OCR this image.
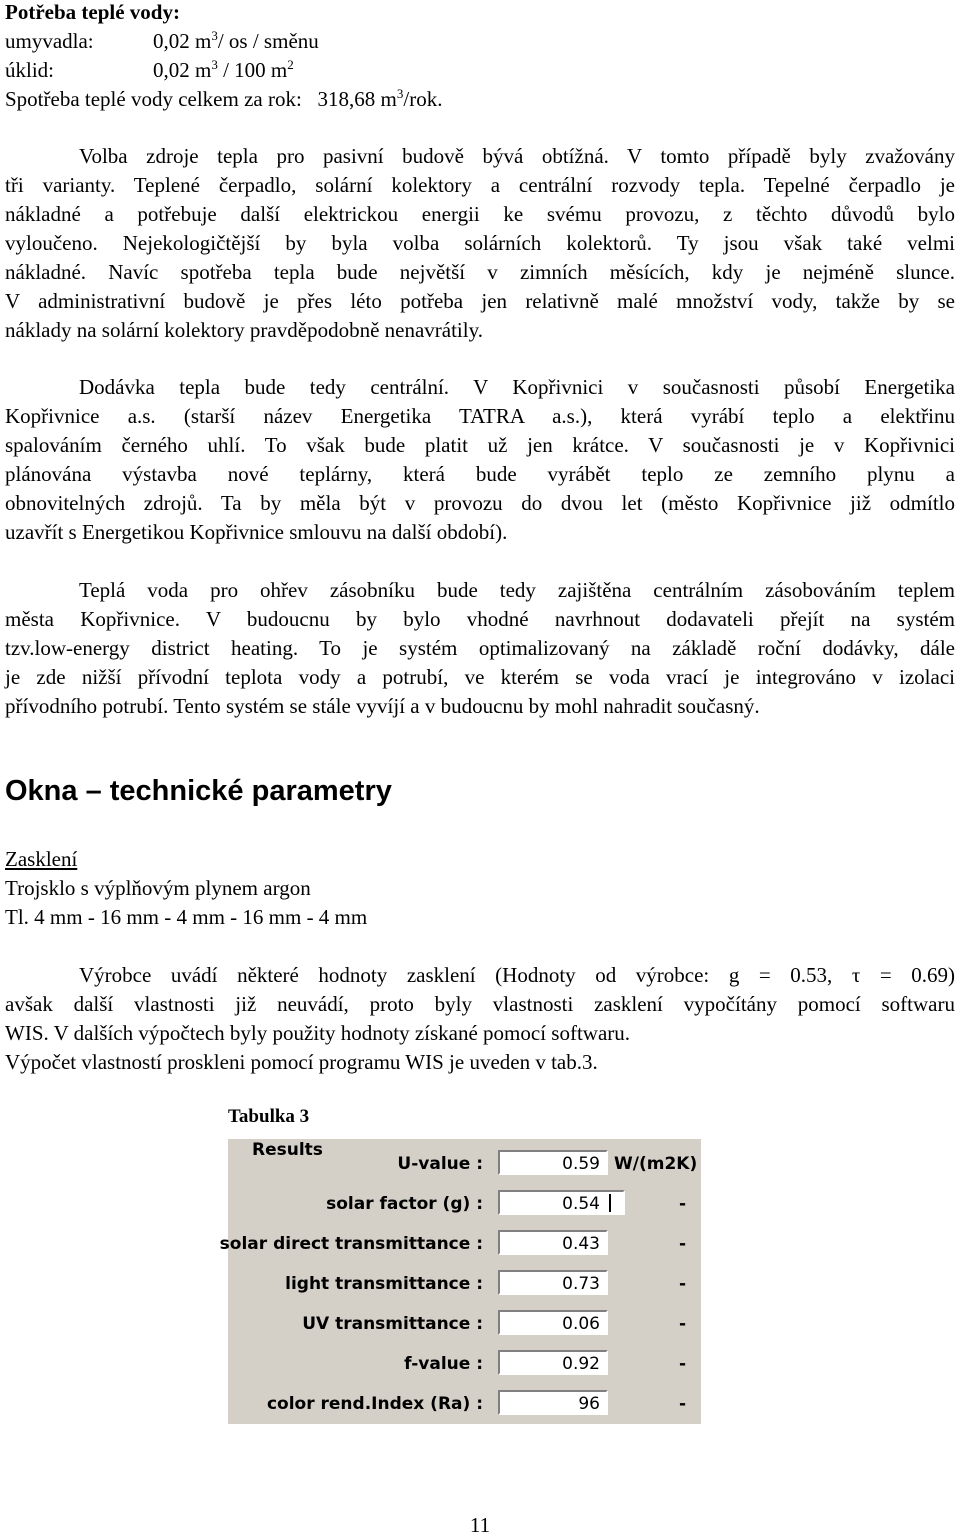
Potřeba teplé vody:
umyvadla:	0,02 $m^3/$ os / směnu
úklid:	0,02 $m^3 / 100$ $m^2$
Spotřeba teplé vody celkem za rok:   318,68 $m^3$/rok.
Volba zdroje tepla pro pasivní budově bývá obtížná. V tomto případě byly zvažovány
tři varianty. Teplené čerpadlo, solární kolektory a centrální rozvody tepla. Tepelné čerpadlo je
nákladné a potřebuje další elektrickou energii ke svému provozu, z těchto důvodů bylo
vyloučeno. Nejekologičtější by byla volba solárních kolektorů. Ty jsou však také velmi
nákladné. Navíc spotřeba tepla bude největší v zimních měsících, kdy je nejméně slunce.
V administrativní budově je přes léto potřeba jen relativně malé množství vody, takže by se
náklady na solární kolektory pravděpodobně nenavrátily.
Dodávka tepla bude tedy centrální. V Kopřivnici v současnosti působí Energetika
Kopřivnice a.s. (starší název Energetika TATRA a.s.), která vyrábí teplo a elektřinu
spalováním černého uhlí. To však bude platit už jen krátce. V současnosti je v Kopřivnici
plánována výstavba nové teplárny, která bude vyrábět teplo ze zemního plynu a
obnovitelných zdrojů. Ta by měla být v provozu do dvou let (město Kopřivnice již odmítlo
uzavřít s Energetikou Kopřivnice smlouvu na další období).
Teplá voda pro ohřev zásobníku bude tedy zajištěna centrálním zásobováním teplem
města Kopřivnice. V budoucnu by bylo vhodné navrhnout dodavateli přejít na systém
tzv.low-energy district heating. To je systém optimalizovaný na základě roční dodávky, dále
je zde nižší přívodní teplota vody a potrubí, ve kterém se voda vrací je integrováno v izolaci
přívodního potrubí. Tento systém se stále vyvíjí a v budoucnu by mohl nahradit současný.
Okna – technické parametry
Zasklení
Trojsklo s výplňovým plynem argon
Tl. 4 mm - 16 mm - 4 mm - 16 mm - 4 mm
Výrobce uvádí některé hodnoty zasklení (Hodnoty od výrobce: g = 0.53, τ = 0.69)
avšak další vlastnosti již neuvádí, proto byly vlastnosti zasklení vypočítány pomocí softwaru
WIS. V dalších výpočtech byly použity hodnoty získané pomocí softwaru.
Výpočet vlastností proskleni pomocí programu WIS je uveden v tab.3.
Tabulka 3
Results
U-value :	0.59 W/(m2K)
solar factor (g) :	0.54	-
solar direct transmittance :	0.43	-
light transmittance :	0.73	-
UV transmittance :	0.06	-
f-value :	0.92	-
color rend.Index (Ra) :	96	-
11
